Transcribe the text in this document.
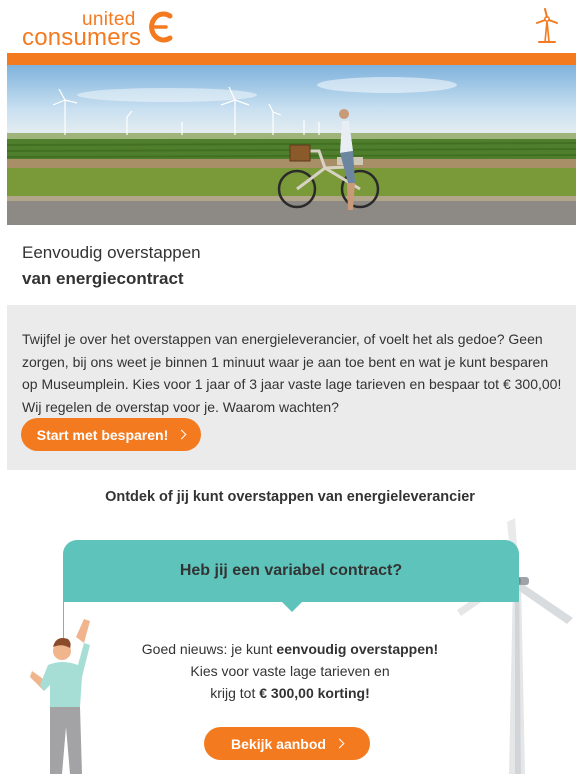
united
consumers
Eenvoudig overstappen
van energiecontract
Twijfel je over het overstappen van energieleverancier, of voelt het als gedoe? Geen zorgen, bij ons weet je binnen 1 minuut waar je aan toe bent en wat je kunt besparen op Museumplein. Kies voor 1 jaar of 3 jaar vaste lage tarieven en bespaar tot € 300,00! Wij regelen de overstap voor je. Waarom wachten?
Start met besparen!
Ontdek of jij kunt overstappen van energieleverancier
Heb jij een variabel contract?
Goed nieuws: je kunt eenvoudig overstappen!
Kies voor vaste lage tarieven en
krijg tot € 300,00 korting!
Bekijk aanbod
